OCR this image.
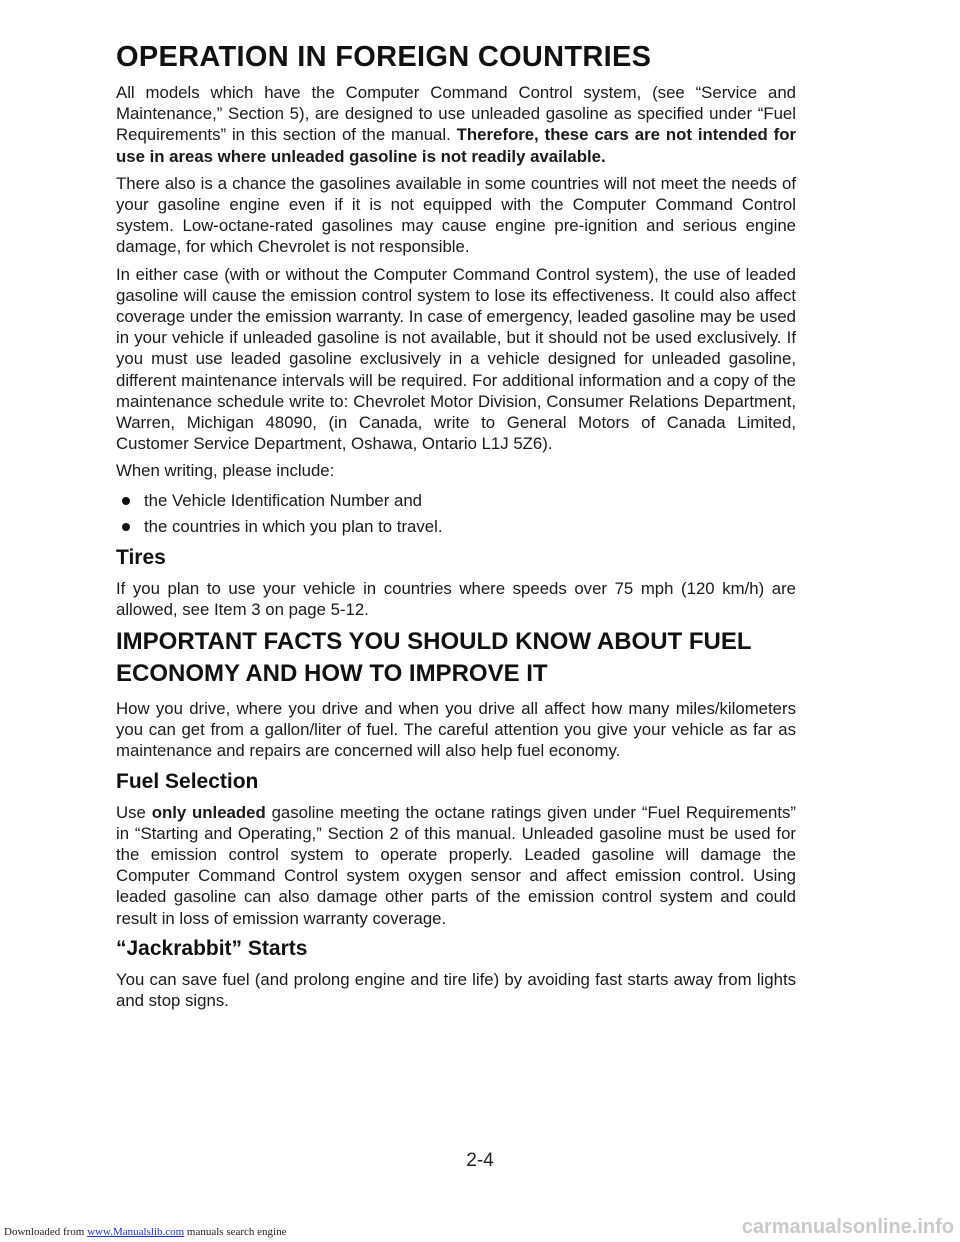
OPERATION IN FOREIGN COUNTRIES

All models which have the Computer Command Control system, (see “Service and Maintenance,” Section 5), are designed to use unleaded gasoline as specified under “Fuel Requirements” in this section of the manual. Therefore, these cars are not intended for use in areas where unleaded gasoline is not readily available.

There also is a chance the gasolines available in some countries will not meet the needs of your gasoline engine even if it is not equipped with the Computer Command Control system. Low-octane-rated gasolines may cause engine pre-ignition and serious engine damage, for which Chevrolet is not responsible.

In either case (with or without the Computer Command Control system), the use of leaded gasoline will cause the emission control system to lose its effectiveness. It could also affect coverage under the emission warranty. In case of emergency, leaded gasoline may be used in your vehicle if unleaded gasoline is not available, but it should not be used exclusively. If you must use leaded gasoline exclusively in a vehicle designed for unleaded gasoline, different maintenance intervals will be required. For additional information and a copy of the maintenance schedule write to: Chevrolet Motor Division, Consumer Relations Department, Warren, Michigan 48090, (in Canada, write to General Motors of Canada Limited, Customer Service Department, Oshawa, Ontario L1J 5Z6).

When writing, please include:

the Vehicle Identification Number and
the countries in which you plan to travel.
Tires

If you plan to use your vehicle in countries where speeds over 75 mph (120 km/h) are allowed, see Item 3 on page 5-12.

IMPORTANT FACTS YOU SHOULD KNOW ABOUT FUEL
ECONOMY AND HOW TO IMPROVE IT

How you drive, where you drive and when you drive all affect how many miles/kilometers you can get from a gallon/liter of fuel. The careful attention you give your vehicle as far as maintenance and repairs are concerned will also help fuel economy.

Fuel Selection

Use only unleaded gasoline meeting the octane ratings given under “Fuel Requirements” in “Starting and Operating,” Section 2 of this manual. Unleaded gasoline must be used for the emission control system to operate properly. Leaded gasoline will damage the Computer Command Control system oxygen sensor and affect emission control. Using leaded gasoline can also damage other parts of the emission control system and could result in loss of emission warranty coverage.

“Jackrabbit” Starts

You can save fuel (and prolong engine and tire life) by avoiding fast starts away from lights and stop signs.

2-4
Downloaded from www.Manualslib.com manuals search engine	carmanualsonline.info
